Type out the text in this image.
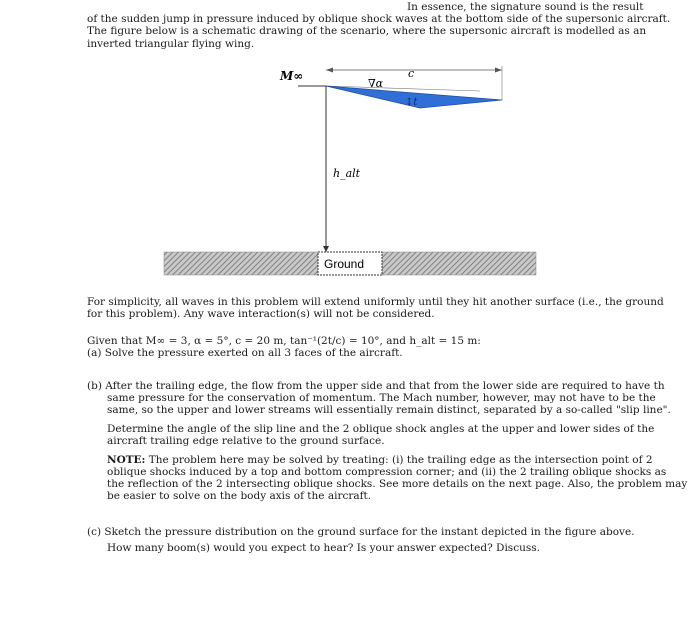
In essence, the signature sound is the result
of the sudden jump in pressure induced by oblique shock waves at the bottom side of the supersonic aircraft.
The figure below is a schematic drawing of the scenario, where the supersonic aircraft is modelled as an
inverted triangular flying wing.
M∞
∇α
c
↕t
h_alt
Ground
For simplicity, all waves in this problem will extend uniformly until they hit another surface (i.e., the ground
for this problem). Any wave interaction(s) will not be considered.
Given that M∞ = 3, α = 5°, c = 20 m, tan⁻¹(2t/c) = 10°, and h_alt = 15 m:
(a) Solve the pressure exerted on all 3 faces of the aircraft.
(b) After the trailing edge, the flow from the upper side and that from the lower side are required to have th
same pressure for the conservation of momentum. The Mach number, however, may not have to be the
same, so the upper and lower streams will essentially remain distinct, separated by a so-called "slip line".
Determine the angle of the slip line and the 2 oblique shock angles at the upper and lower sides of the
aircraft trailing edge relative to the ground surface.
NOTE: The problem here may be solved by treating: (i) the trailing edge as the intersection point of 2
oblique shocks induced by a top and bottom compression corner; and (ii) the 2 trailing oblique shocks as
the reflection of the 2 intersecting oblique shocks. See more details on the next page. Also, the problem may
be easier to solve on the body axis of the aircraft.
(c) Sketch the pressure distribution on the ground surface for the instant depicted in the figure above.
How many boom(s) would you expect to hear? Is your answer expected? Discuss.
